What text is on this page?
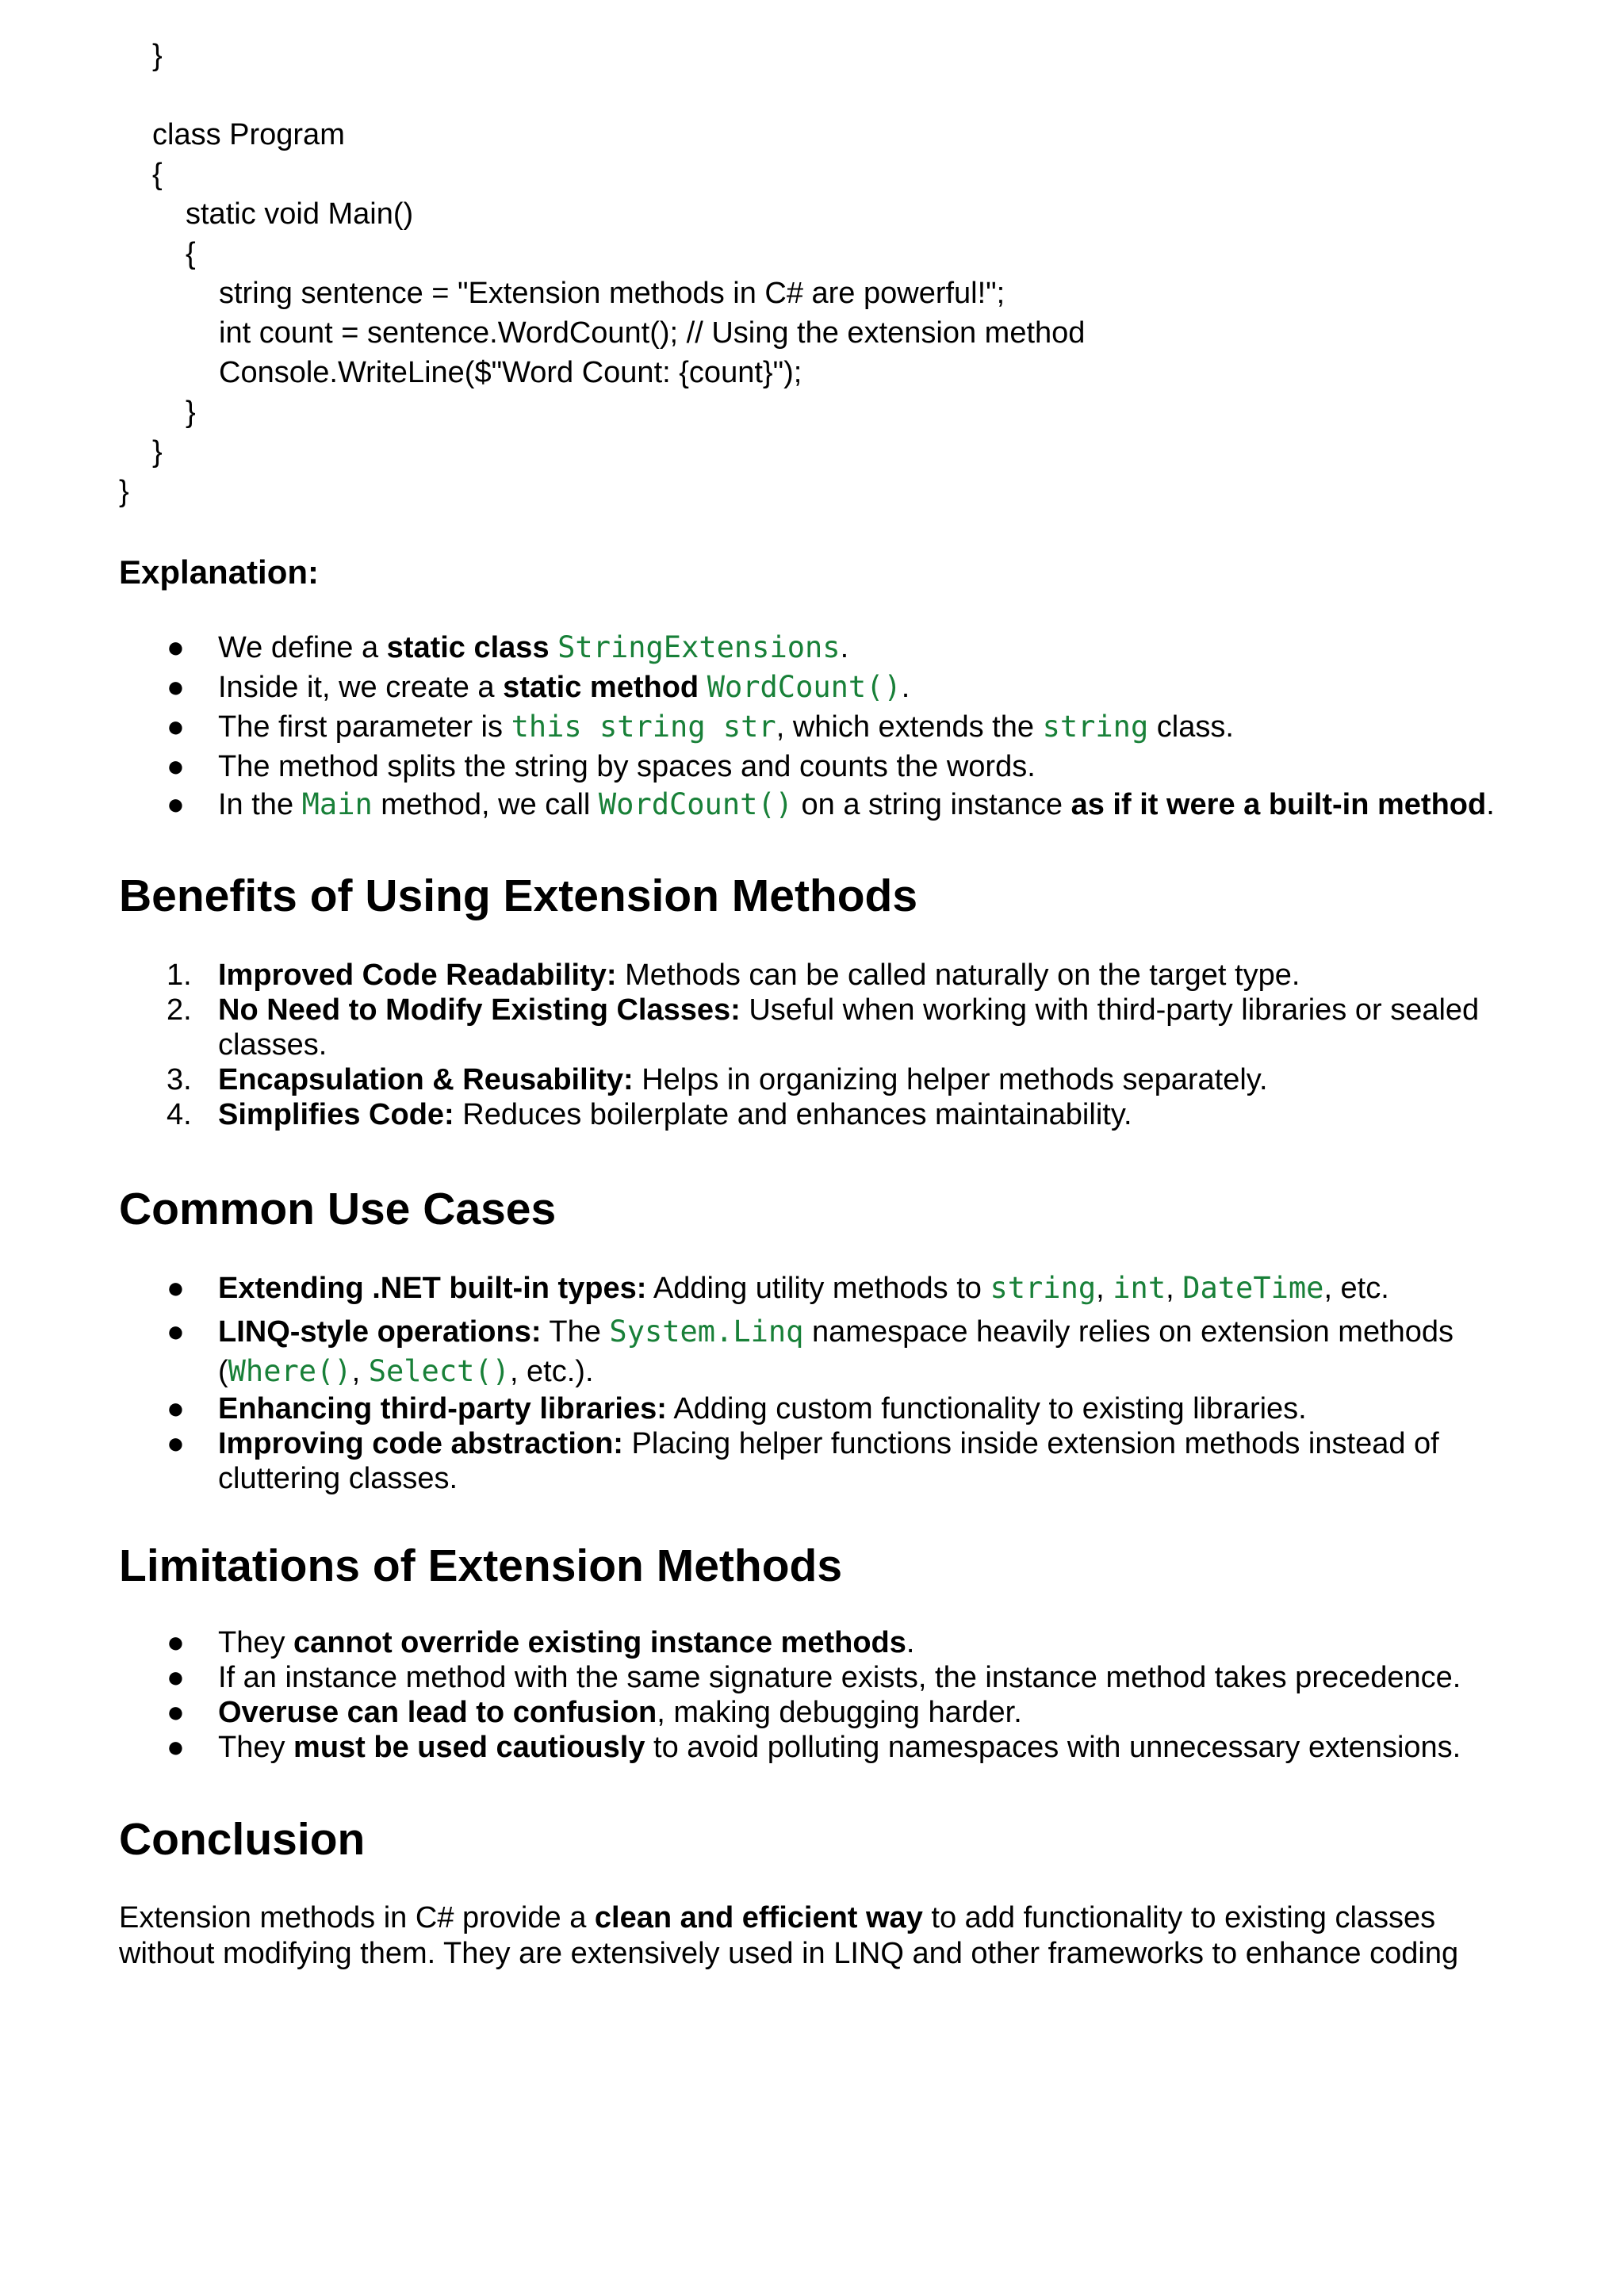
}

class Program

{

static void Main()

{

string sentence = "Extension methods in C# are powerful!";

int count = sentence.WordCount(); // Using the extension method

Console.WriteLine($"Word Count: {count}");

}

}

}

Explanation:
● We define a static class StringExtensions.
● Inside it, we create a static method WordCount().
● The first parameter is this string str, which extends the string class.
● The method splits the string by spaces and counts the words.
● In the Main method, we call WordCount() on a string instance as if it were a built-in method.
Benefits of Using Extension Methods
1. Improved Code Readability: Methods can be called naturally on the target type.
2. No Need to Modify Existing Classes: Useful when working with third-party libraries or sealed classes.
3. Encapsulation & Reusability: Helps in organizing helper methods separately.
4. Simplifies Code: Reduces boilerplate and enhances maintainability.
Common Use Cases
● Extending .NET built-in types: Adding utility methods to string, int, DateTime, etc.
● LINQ-style operations: The System.Linq namespace heavily relies on extension methods (Where(), Select(), etc.).
● Enhancing third-party libraries: Adding custom functionality to existing libraries.
● Improving code abstraction: Placing helper functions inside extension methods instead of cluttering classes.
Limitations of Extension Methods
● They cannot override existing instance methods.
● If an instance method with the same signature exists, the instance method takes precedence.
● Overuse can lead to confusion, making debugging harder.
● They must be used cautiously to avoid polluting namespaces with unnecessary extensions.
Conclusion

Extension methods in C# provide a clean and efficient way to add functionality to existing classes without modifying them. They are extensively used in LINQ and other frameworks to enhance coding
